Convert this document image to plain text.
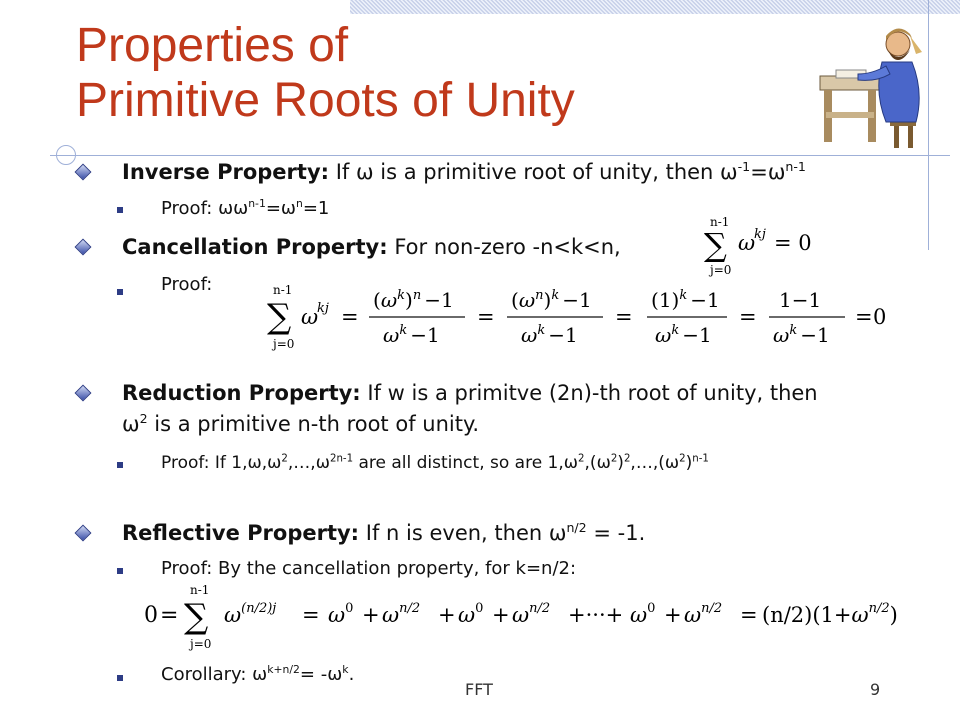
Properties of
Primitive Roots of Unity
Inverse Property: If ω is a primitive root of unity, then $\omega^{-1}=\omega^{n-1}$
Proof: $\omega\omega^{n-1}=\omega^n=1$
Cancellation Property: For non-zero -n<k<n,
n-1
∑
j=0
ω
kj = 0
Proof:	n-1
∑
j=0
ω
kj =
$(\omega^k)^n -1$
$\omega^k -1$
=
$(\omega^n)^k -1$
$\omega^k -1$
=
$(1)^k -1$
$\omega^k -1$
=
1−1
$\omega^k -1$
= 0
Reduction Property: If w is a primitve (2n)-th root of unity, then
$\omega^2$ is a primitive n-th root of unity.
Proof: If $1,\omega,\omega^2,\dots,\omega^{2n-1}$ are all distinct, so are $1,\omega^2,(\omega^2)^2,\dots,(\omega^2)^{n-1}$
Reflective Property: If n is even, then $\omega^{n/2} = -1$.
Proof: By the cancellation property, for k=n/2:
0=
n-1
∑
j=0
$\omega^{(n/2)j} = \omega^0 + \omega^{n/2} + \omega^0 + \omega^{n/2}$ +···+ $\omega^0 + \omega^{n/2} = (n/2)(1+\omega^{n/2})$
Corollary: $\omega^{k+n/2}= -\omega^k$.
FFT	9
